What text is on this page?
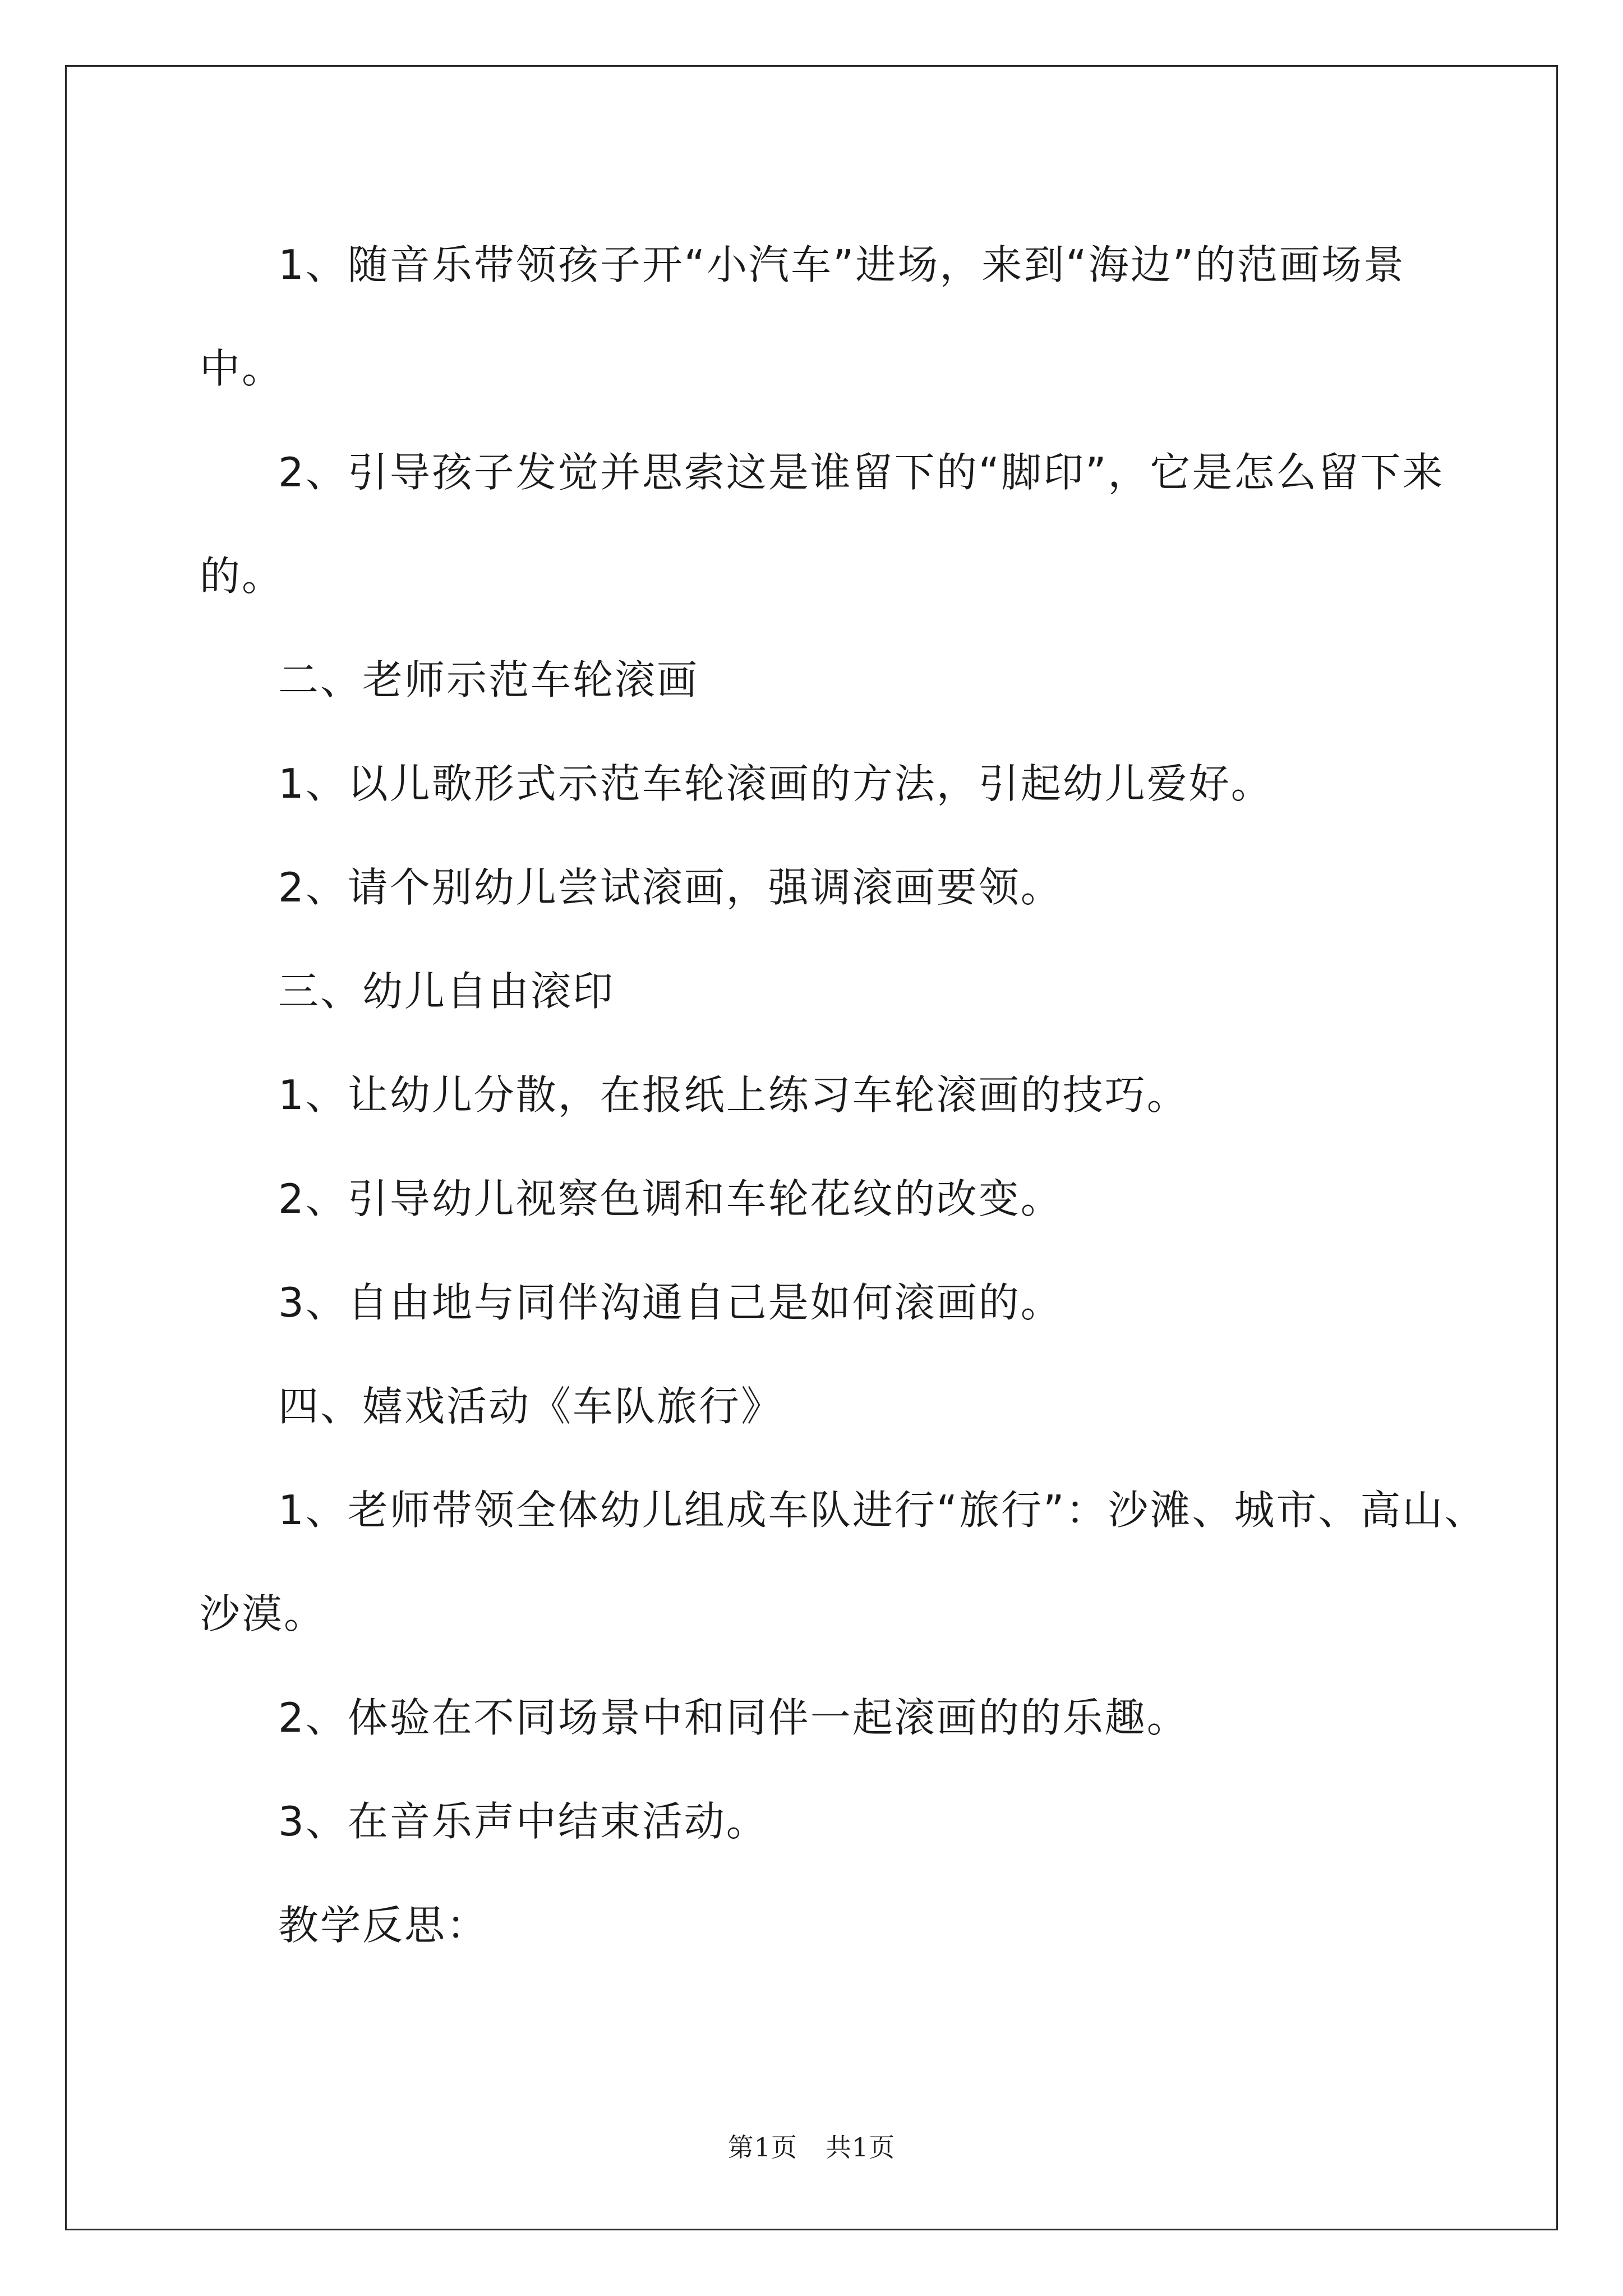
1、随音乐带领孩子开“小汽车”进场，来到“海边”的范画场景
中。

2、引导孩子发觉并思索这是谁留下的“脚印”，它是怎么留下来
的。

二、老师示范车轮滚画

1、以儿歌形式示范车轮滚画的方法，引起幼儿爱好。

2、请个别幼儿尝试滚画，强调滚画要领。

三、幼儿自由滚印

1、让幼儿分散，在报纸上练习车轮滚画的技巧。

2、引导幼儿视察色调和车轮花纹的改变。

3、自由地与同伴沟通自己是如何滚画的。

四、嬉戏活动《车队旅行》

1、老师带领全体幼儿组成车队进行“旅行”：沙滩、城市、高山、
沙漠。

2、体验在不同场景中和同伴一起滚画的的乐趣。

3、在音乐声中结束活动。

教学反思：

第1页 共1页
